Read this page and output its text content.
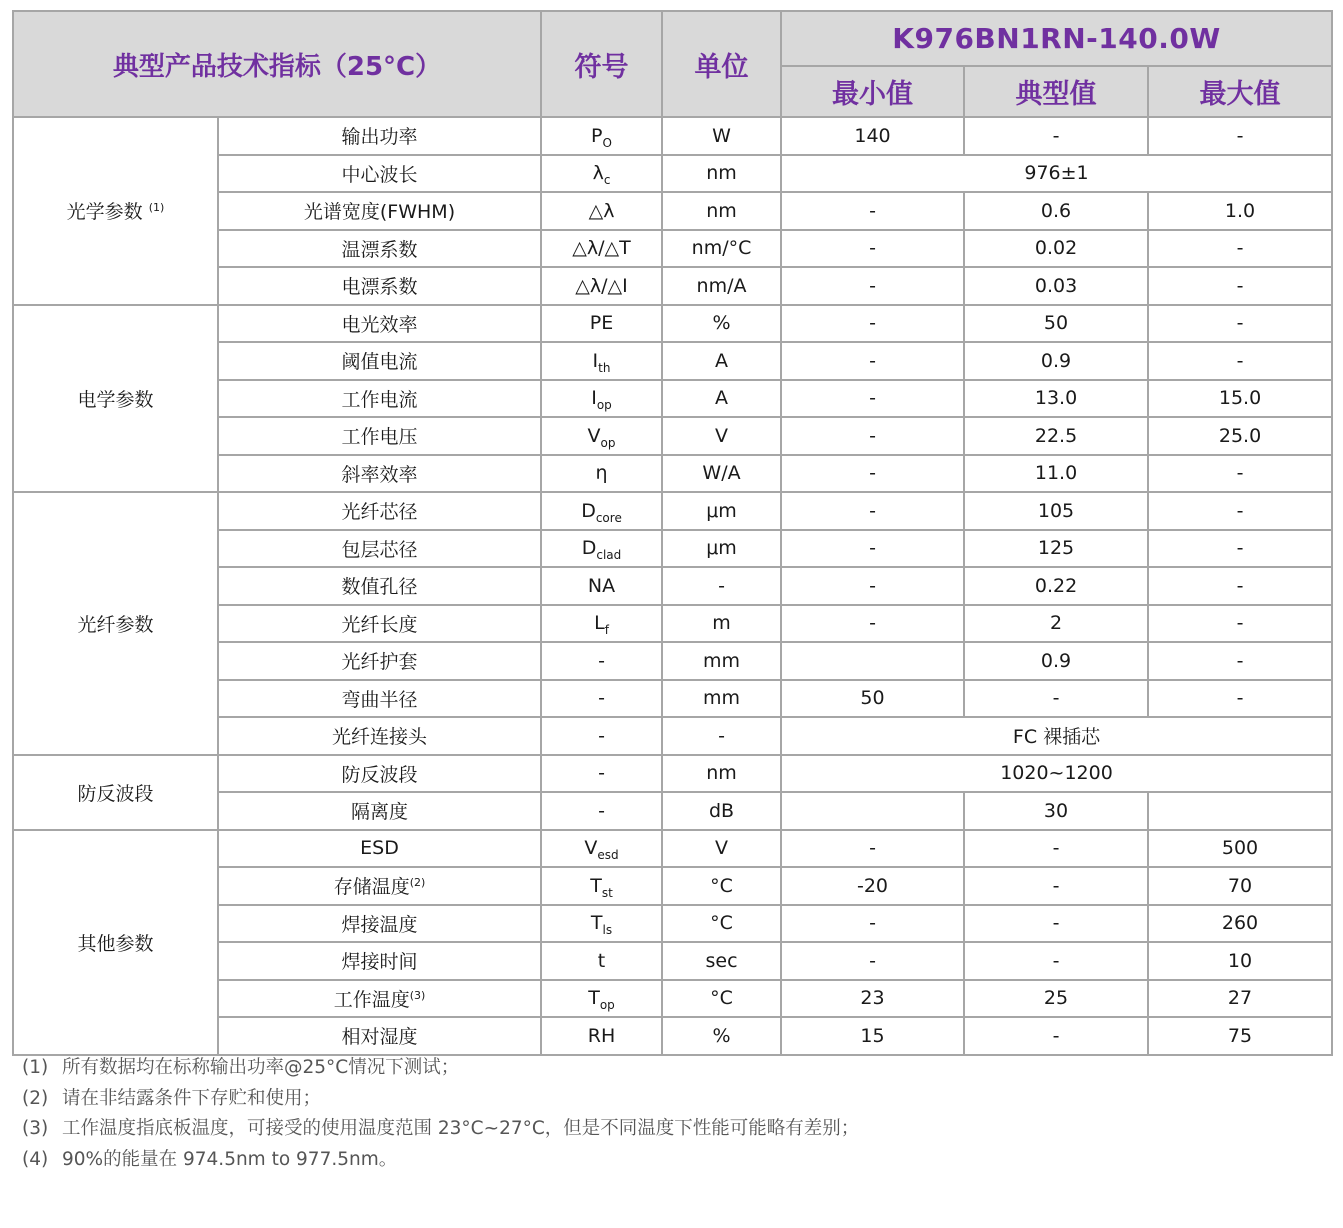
典型产品技术指标（25°C）		符号	单位	K976BN1RN-140.0W		
				最小值	典型值	最大值
光学参数 $^{(1)}$	输出功率	$P_O$	W	140	-	-
	中心波长	$\lambda_c$	nm	976±1		
	光谱宽度(FWHM)	△λ	nm	-	0.6	1.0
	温漂系数	△λ/△T	nm/°C	-	0.02	-
	电漂系数	△λ/△I	nm/A	-	0.03	-
电学参数	电光效率	PE	%	-	50	-
	阈值电流	$I_{th}$	A	-	0.9	-
	工作电流	$I_{op}$	A	-	13.0	15.0
	工作电压	$V_{op}$	V	-	22.5	25.0
	斜率效率	η	W/A	-	11.0	-
光纤参数	光纤芯径	$D_{core}$	μm	-	105	-
	包层芯径	$D_{clad}$	μm	-	125	-
	数值孔径	NA	-	-	0.22	-
	光纤长度	$L_f$	m	-	2	-
	光纤护套	-	mm		0.9	-
	弯曲半径	-	mm	50	-	-
	光纤连接头	-	-	FC 裸插芯		
防反波段	防反波段	-	nm	1020~1200		
	隔离度	-	dB		30	
其他参数	ESD	$V_{esd}$	V	-	-	500
	存储温度$^{(2)}$	$T_{st}$	°C	-20	-	70
	焊接温度	$T_{ls}$	°C	-	-	260
	焊接时间	t	sec	-	-	10
	工作温度$^{(3)}$	$T_{op}$	°C	23	25	27
	相对湿度	RH	%	15	-	75
(1) 所有数据均在标称输出功率@25°C情况下测试；
(2) 请在非结露条件下存贮和使用；
(3) 工作温度指底板温度，可接受的使用温度范围 23°C~27°C，但是不同温度下性能可能略有差别；
(4) 90%的能量在 974.5nm to 977.5nm。
